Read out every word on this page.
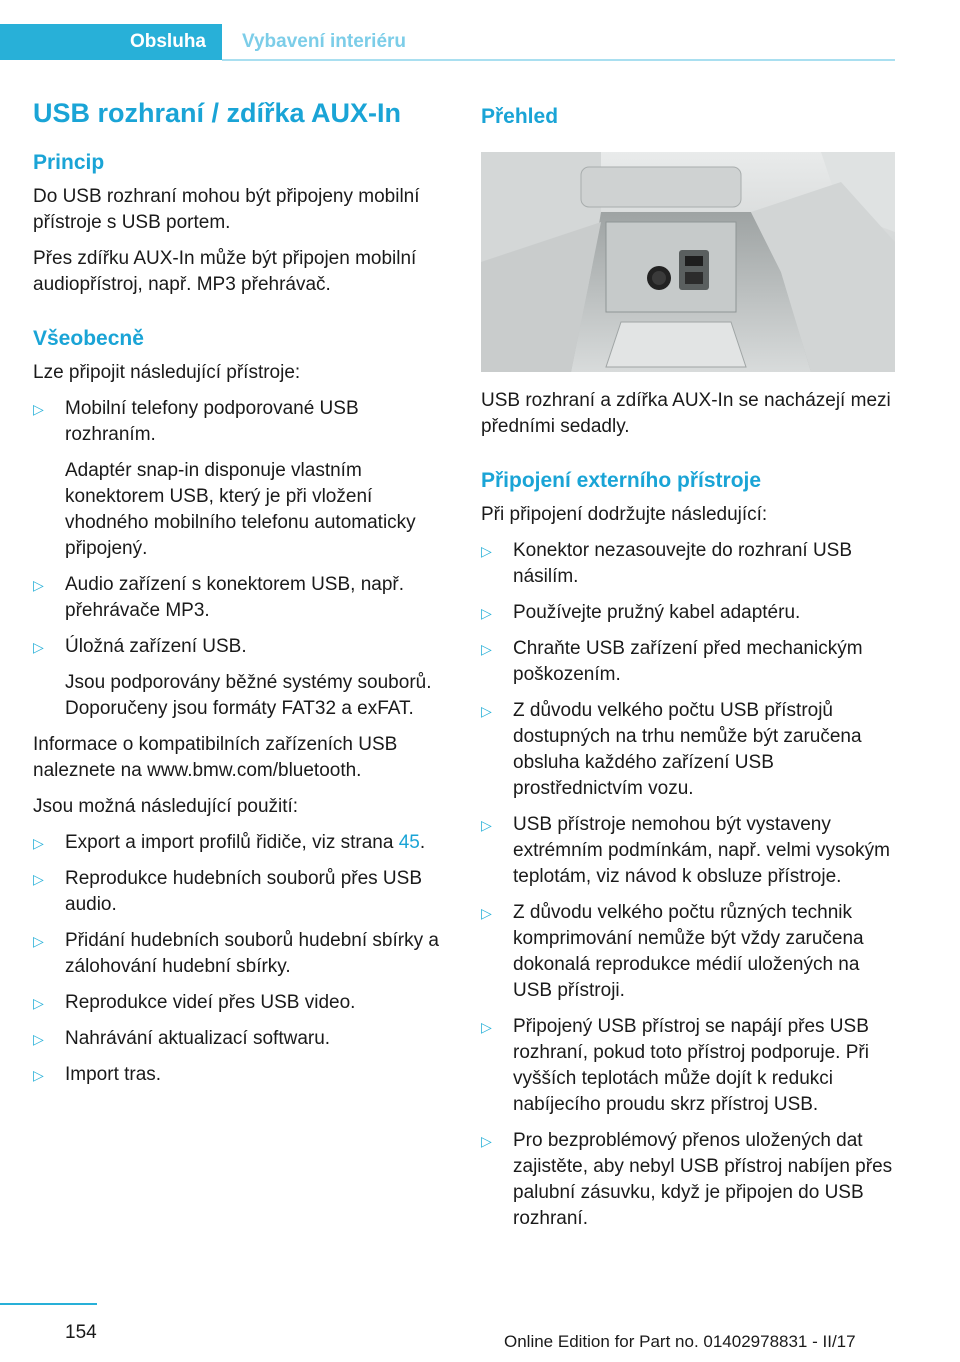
Obsluha Vybavení interiéru
USB rozhraní / zdířka AUX-In
Princip

Do USB rozhraní mohou být připojeny mobilní přístroje s USB portem.

Přes zdířku AUX-In může být připojen mobilní audiopřístroj, např. MP3 přehrávač.

Všeobecně

Lze připojit následující přístroje:

▷ Mobilní telefony podporované USB rozhraním.
Adaptér snap-in disponuje vlastním konektorem USB, který je při vložení vhodného mobilního telefonu automaticky připojený.
▷ Audio zařízení s konektorem USB, např. přehrávače MP3.
▷ Úložná zařízení USB.
Jsou podporovány běžné systémy souborů. Doporučeny jsou formáty FAT32 a exFAT.

Informace o kompatibilních zařízeních USB naleznete na www.bmw.com/bluetooth.

Jsou možná následující použití:

▷ Export a import profilů řidiče, viz strana 45.
▷ Reprodukce hudebních souborů přes USB audio.
▷ Přidání hudebních souborů hudební sbírky a zálohování hudební sbírky.
▷ Reprodukce videí přes USB video.
▷ Nahrávání aktualizací softwaru.
▷ Import tras.
Přehled

USB rozhraní a zdířka AUX-In se nacházejí mezi předními sedadly.

Připojení externího přístroje

Při připojení dodržujte následující:

▷ Konektor nezasouvejte do rozhraní USB násilím.
▷ Používejte pružný kabel adaptéru.
▷ Chraňte USB zařízení před mechanickým poškozením.
▷ Z důvodu velkého počtu USB přístrojů dostupných na trhu nemůže být zaručena obsluha každého zařízení USB prostřednictvím vozu.
▷ USB přístroje nemohou být vystaveny extrémním podmínkám, např. velmi vysokým teplotám, viz návod k obsluze přístroje.
▷ Z důvodu velkého počtu různých technik komprimování nemůže být vždy zaručena dokonalá reprodukce médií uložených na USB přístroji.
▷ Připojený USB přístroj se napájí přes USB rozhraní, pokud toto přístroj podporuje. Při vyšších teplotách může dojít k redukci nabíjecího proudu skrz přístroj USB.
▷ Pro bezproblémový přenos uložených dat zajistěte, aby nebyl USB přístroj nabíjen přes palubní zásuvku, když je připojen do USB rozhraní.
154	Online Edition for Part no. 01402978831 - II/17
